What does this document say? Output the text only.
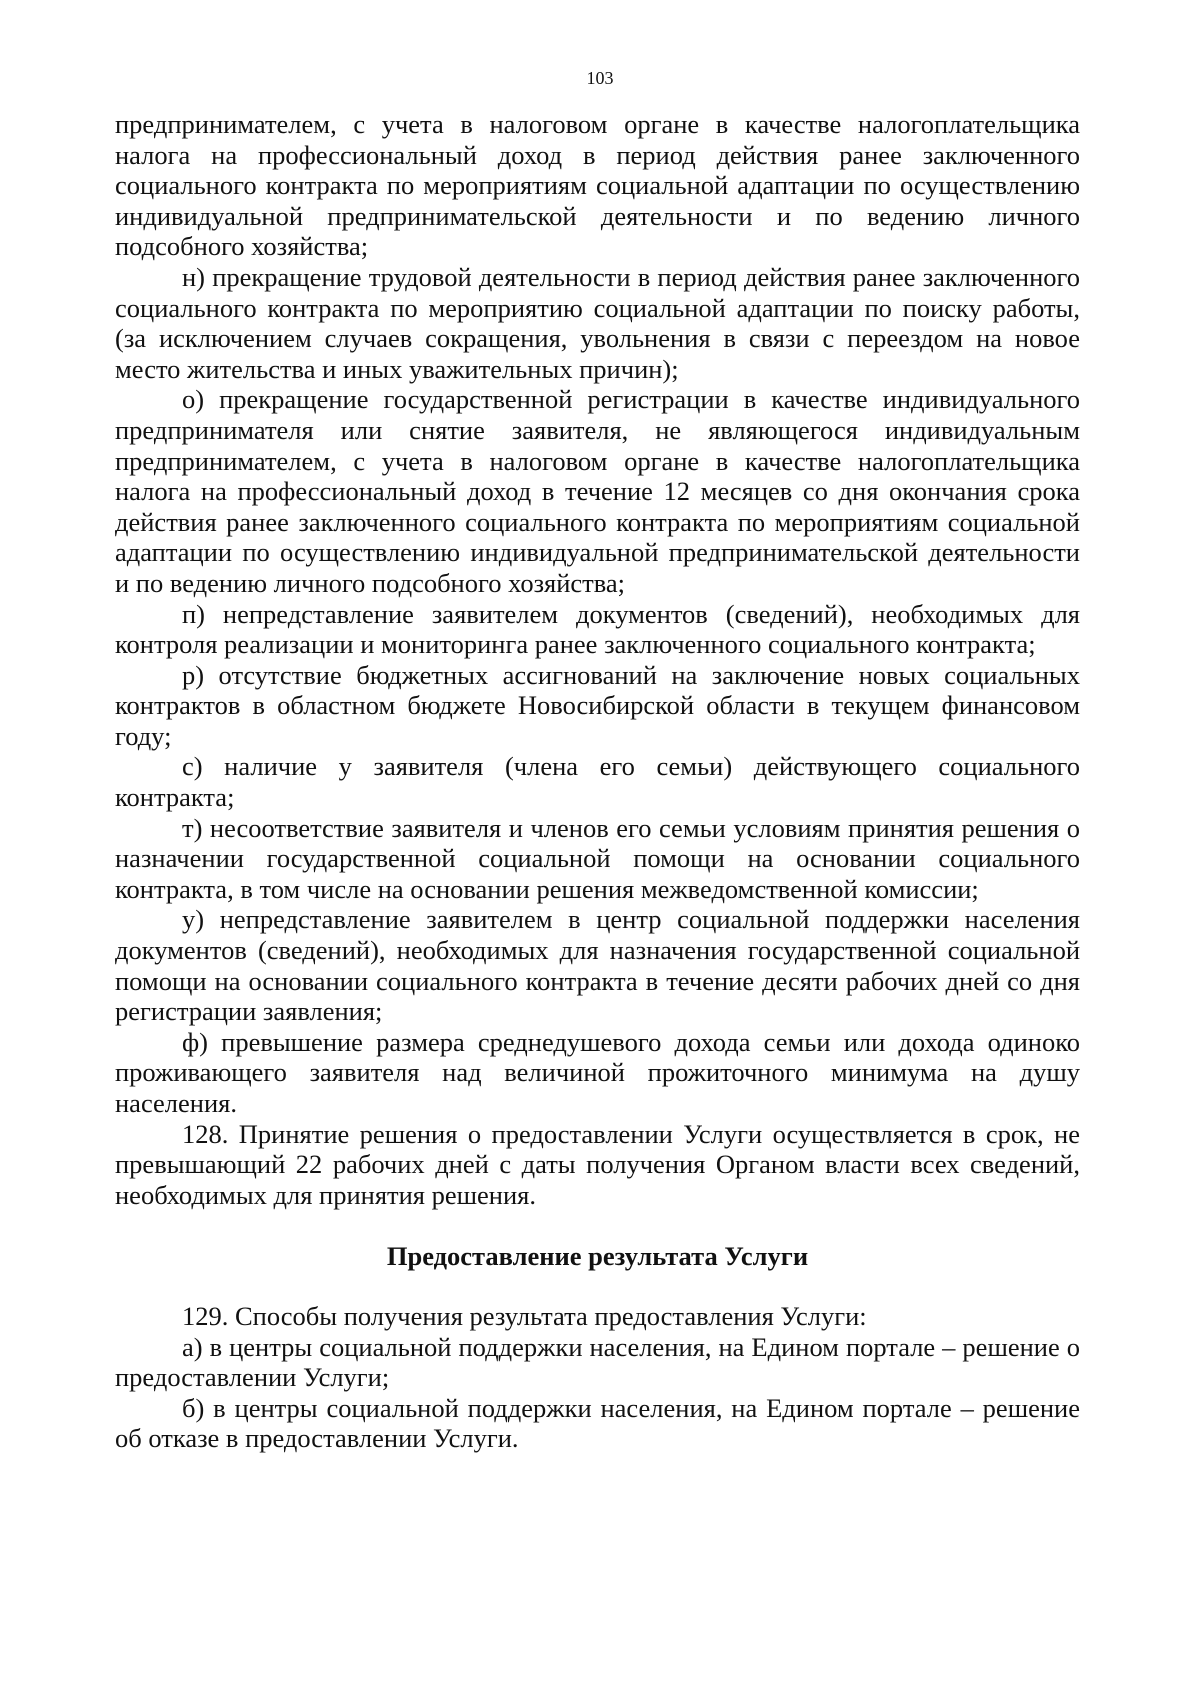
103

предпринимателем, с учета в налоговом органе в качестве налогоплательщика налога на профессиональный доход в период действия ранее заключенного социального контракта по мероприятиям социальной адаптации по осуществлению индивидуальной предпринимательской деятельности и по ведению личного подсобного хозяйства;

н) прекращение трудовой деятельности в период действия ранее заключенного социального контракта по мероприятию социальной адаптации по поиску работы, (за исключением случаев сокращения, увольнения в связи с переездом на новое место жительства и иных уважительных причин);

о) прекращение государственной регистрации в качестве индивидуального предпринимателя или снятие заявителя, не являющегося индивидуальным предпринимателем, с учета в налоговом органе в качестве налогоплательщика налога на профессиональный доход в течение 12 месяцев со дня окончания срока действия ранее заключенного социального контракта по мероприятиям социальной адаптации по осуществлению индивидуальной предпринимательской деятельности и по ведению личного подсобного хозяйства;

п) непредставление заявителем документов (сведений), необходимых для контроля реализации и мониторинга ранее заключенного социального контракта;

р) отсутствие бюджетных ассигнований на заключение новых социальных контрактов в областном бюджете Новосибирской области в текущем финансовом году;

с) наличие у заявителя (члена его семьи) действующего социального контракта;

т) несоответствие заявителя и членов его семьи условиям принятия решения о назначении государственной социальной помощи на основании социального контракта, в том числе на основании решения межведомственной комиссии;

у) непредставление заявителем в центр социальной поддержки населения документов (сведений), необходимых для назначения государственной социальной помощи на основании социального контракта в течение десяти рабочих дней со дня регистрации заявления;

ф) превышение размера среднедушевого дохода семьи или дохода одиноко проживающего заявителя над величиной прожиточного минимума на душу населения.

128. Принятие решения о предоставлении Услуги осуществляется в срок, не превышающий 22 рабочих дней с даты получения Органом власти всех сведений, необходимых для принятия решения.

Предоставление результата Услуги

129. Способы получения результата предоставления Услуги:

а) в центры социальной поддержки населения, на Едином портале – решение о предоставлении Услуги;

б) в центры социальной поддержки населения, на Едином портале – решение об отказе в предоставлении Услуги.
